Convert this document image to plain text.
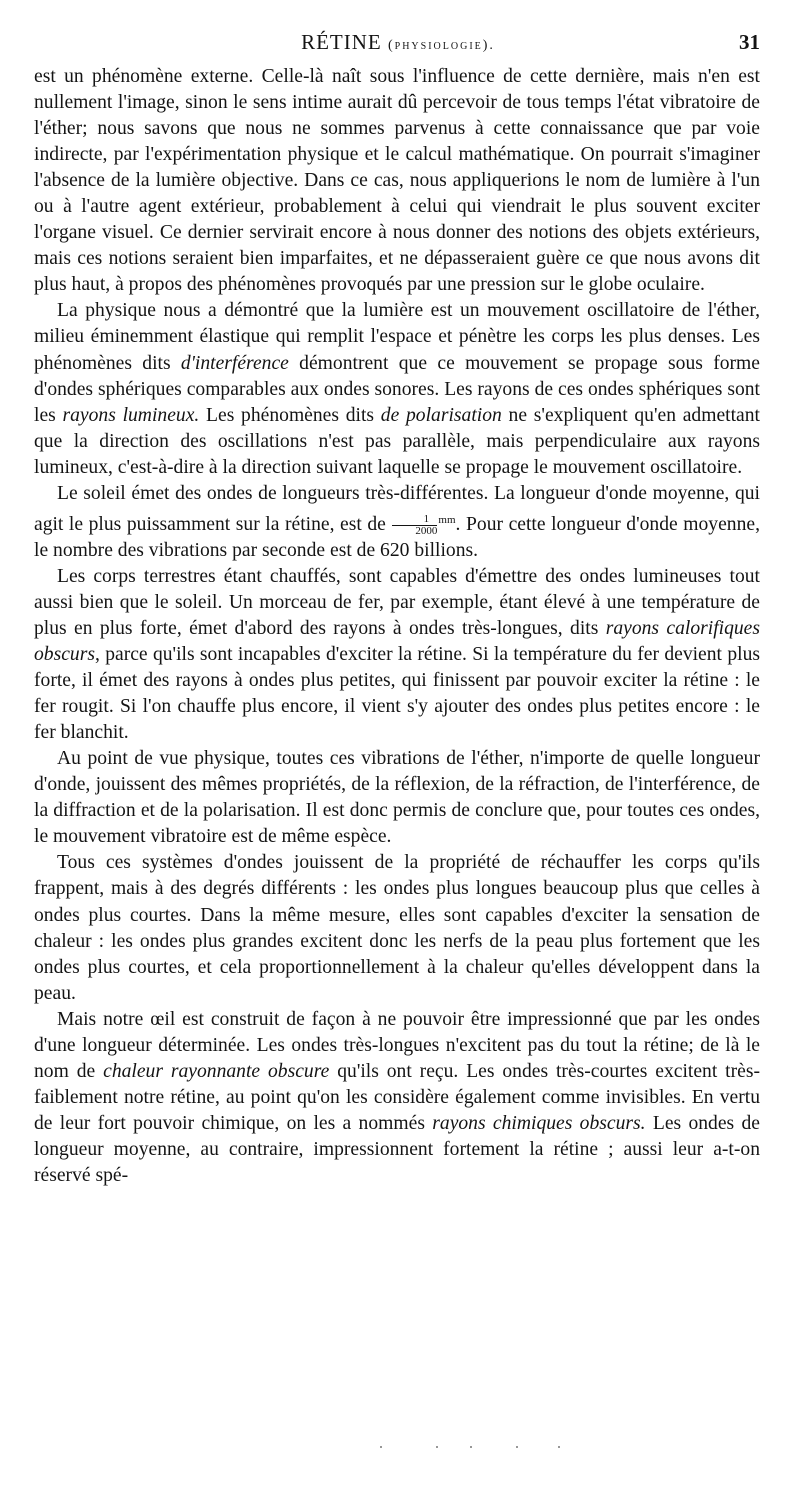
RÉTINE (physiologie).	31

est un phénomène externe. Celle-là naît sous l'influence de cette dernière, mais n'en est nullement l'image, sinon le sens intime aurait dû percevoir de tous temps l'état vibratoire de l'éther; nous savons que nous ne sommes parvenus à cette connaissance que par voie indirecte, par l'expérimentation physique et le calcul mathématique. On pourrait s'imaginer l'absence de la lumière objective. Dans ce cas, nous appliquerions le nom de lumière à l'un ou à l'autre agent extérieur, probablement à celui qui viendrait le plus souvent exciter l'organe visuel. Ce dernier servirait encore à nous donner des notions des objets extérieurs, mais ces notions seraient bien imparfaites, et ne dépasseraient guère ce que nous avons dit plus haut, à propos des phénomènes provoqués par une pression sur le globe oculaire.

La physique nous a démontré que la lumière est un mouvement oscillatoire de l'éther, milieu éminemment élastique qui remplit l'espace et pénètre les corps les plus denses. Les phénomènes dits d'interférence démontrent que ce mouvement se propage sous forme d'ondes sphériques comparables aux ondes sonores. Les rayons de ces ondes sphériques sont les rayons lumineux. Les phénomènes dits de polarisation ne s'expliquent qu'en admettant que la direction des oscillations n'est pas parallèle, mais perpendiculaire aux rayons lumineux, c'est-à-dire à la direction suivant laquelle se propage le mouvement oscillatoire.

Le soleil émet des ondes de longueurs très-différentes. La longueur d'onde moyenne, qui agit le plus puissamment sur la rétine, est de $\frac{1}{2000} ^{mm}$. Pour cette longueur d'onde moyenne, le nombre des vibrations par seconde est de 620 billions.

Les corps terrestres étant chauffés, sont capables d'émettre des ondes lumineuses tout aussi bien que le soleil. Un morceau de fer, par exemple, étant élevé à une température de plus en plus forte, émet d'abord des rayons à ondes très-longues, dits rayons calorifiques obscurs, parce qu'ils sont incapables d'exciter la rétine. Si la température du fer devient plus forte, il émet des rayons à ondes plus petites, qui finissent par pouvoir exciter la rétine : le fer rougit. Si l'on chauffe plus encore, il vient s'y ajouter des ondes plus petites encore : le fer blanchit.

Au point de vue physique, toutes ces vibrations de l'éther, n'importe de quelle longueur d'onde, jouissent des mêmes propriétés, de la réflexion, de la réfraction, de l'interférence, de la diffraction et de la polarisation. Il est donc permis de conclure que, pour toutes ces ondes, le mouvement vibratoire est de même espèce.

Tous ces systèmes d'ondes jouissent de la propriété de réchauffer les corps qu'ils frappent, mais à des degrés différents : les ondes plus longues beaucoup plus que celles à ondes plus courtes. Dans la même mesure, elles sont capables d'exciter la sensation de chaleur : les ondes plus grandes excitent donc les nerfs de la peau plus fortement que les ondes plus courtes, et cela proportionnellement à la chaleur qu'elles développent dans la peau.

Mais notre œil est construit de façon à ne pouvoir être impressionné que par les ondes d'une longueur déterminée. Les ondes très-longues n'excitent pas du tout la rétine; de là le nom de chaleur rayonnante obscure qu'ils ont reçu. Les ondes très-courtes excitent très-faiblement notre rétine, au point qu'on les considère également comme invisibles. En vertu de leur fort pouvoir chimique, on les a nommés rayons chimiques obscurs. Les ondes de longueur moyenne, au contraire, impressionnent fortement la rétine ; aussi leur a-t-on réservé spé-
